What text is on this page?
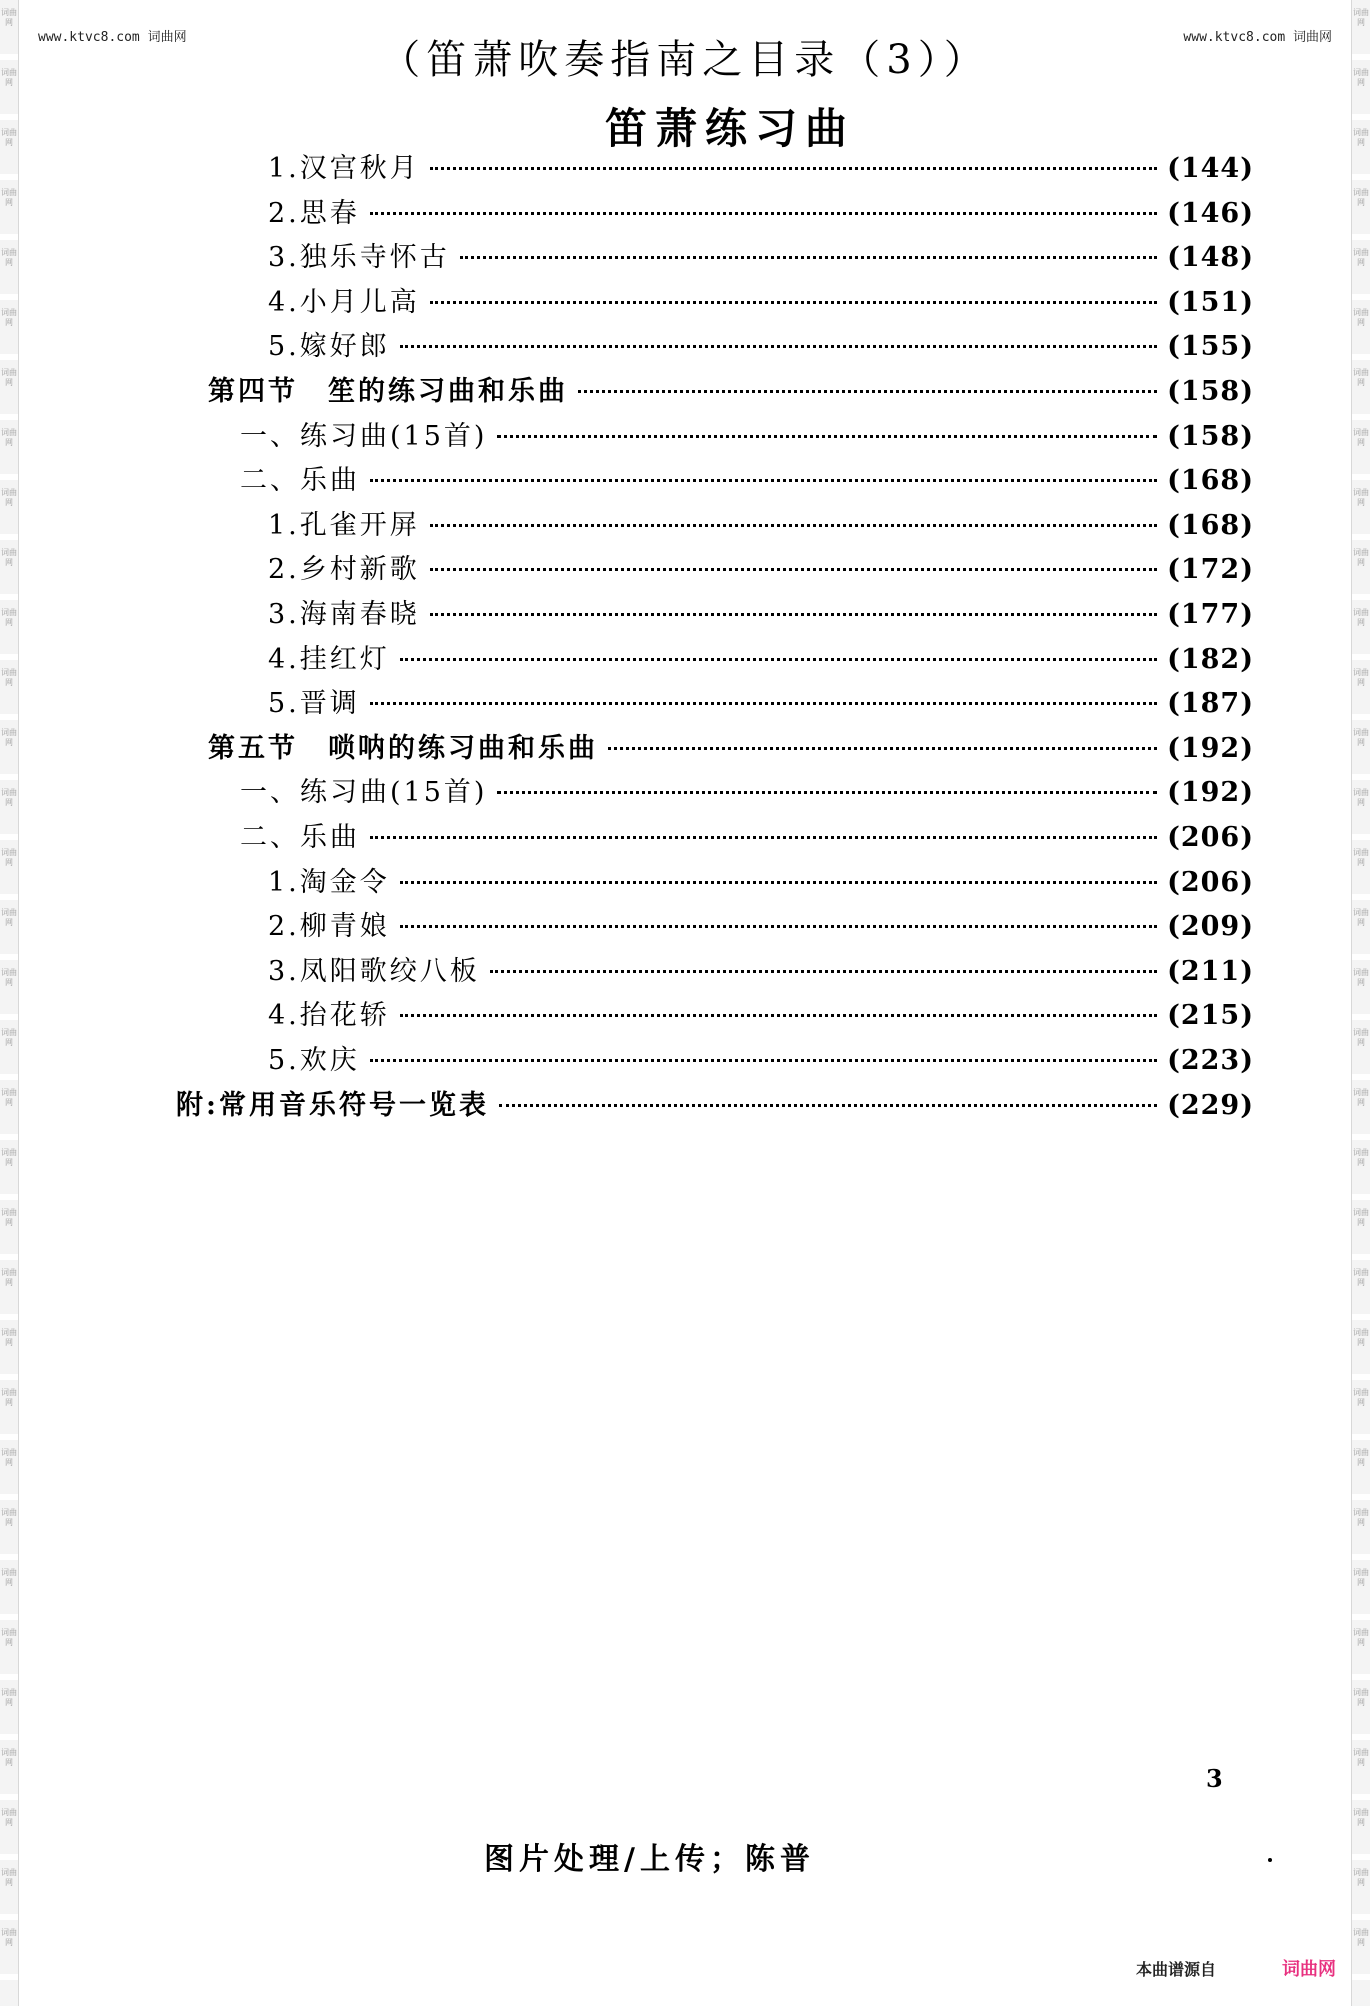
词曲网
词曲网
词曲网
词曲网
词曲网
词曲网
词曲网
词曲网
词曲网
词曲网
词曲网
词曲网
词曲网
词曲网
词曲网
词曲网
词曲网
词曲网
词曲网
词曲网
词曲网
词曲网
词曲网
词曲网
词曲网
词曲网
词曲网
词曲网
词曲网
词曲网
词曲网
词曲网
词曲网
词曲网
词曲网
词曲网
词曲网
词曲网
词曲网
词曲网
词曲网
词曲网
词曲网
词曲网
词曲网
词曲网
词曲网
词曲网
词曲网
词曲网
词曲网
词曲网
词曲网
词曲网
词曲网
词曲网
词曲网
词曲网
词曲网
词曲网
词曲网
词曲网
词曲网
词曲网
词曲网
词曲网
www.ktvc8.com 词曲网	www.ktvc8.com 词曲网
（笛萧吹奏指南之目录（3））
笛萧练习曲
1.汉宫秋月	(144)
2.思春	(146)
3.独乐寺怀古	(148)
4.小月儿高	(151)
5.嫁好郎	(155)
第四节　笙的练习曲和乐曲	(158)
一、练习曲(15首)	(158)
二、乐曲	(168)
1.孔雀开屏	(168)
2.乡村新歌	(172)
3.海南春晓	(177)
4.挂红灯	(182)
5.晋调	(187)
第五节　唢呐的练习曲和乐曲	(192)
一、练习曲(15首)	(192)
二、乐曲	(206)
1.淘金令	(206)
2.柳青娘	(209)
3.凤阳歌绞八板	(211)
4.抬花轿	(215)
5.欢庆	(223)
附:常用音乐符号一览表	(229)
3
图片处理/上传；陈普
本曲谱源自	词曲网
